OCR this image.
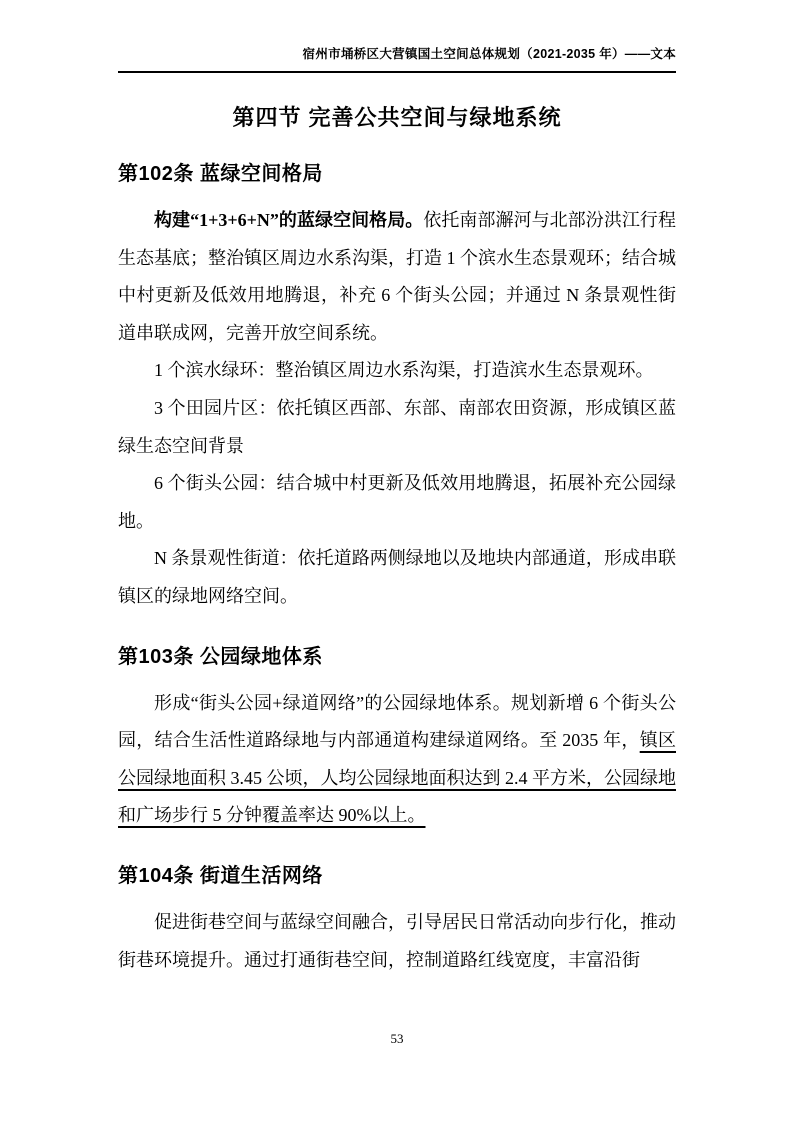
宿州市埇桥区大营镇国土空间总体规划（2021-2035 年）——文本
第四节 完善公共空间与绿地系统
第102条 蓝绿空间格局

构建“1+3+6+N”的蓝绿空间格局。依托南部澥河与北部汾洪江行程生态基底；整治镇区周边水系沟渠，打造 1 个滨水生态景观环；结合城中村更新及低效用地腾退，补充 6 个街头公园；并通过 N 条景观性街道串联成网，完善开放空间系统。

1 个滨水绿环：整治镇区周边水系沟渠，打造滨水生态景观环。

3 个田园片区：依托镇区西部、东部、南部农田资源，形成镇区蓝绿生态空间背景

6 个街头公园：结合城中村更新及低效用地腾退，拓展补充公园绿地。

N 条景观性街道：依托道路两侧绿地以及地块内部通道，形成串联镇区的绿地网络空间。

第103条 公园绿地体系

形成“街头公园+绿道网络”的公园绿地体系。规划新增 6 个街头公园，结合生活性道路绿地与内部通道构建绿道网络。至 2035 年，镇区公园绿地面积 3.45 公顷，人均公园绿地面积达到 2.4 平方米，公园绿地和广场步行 5 分钟覆盖率达 90%以上。

第104条 街道生活网络

促进街巷空间与蓝绿空间融合，引导居民日常活动向步行化，推动街巷环境提升。通过打通街巷空间，控制道路红线宽度，丰富沿街

53
